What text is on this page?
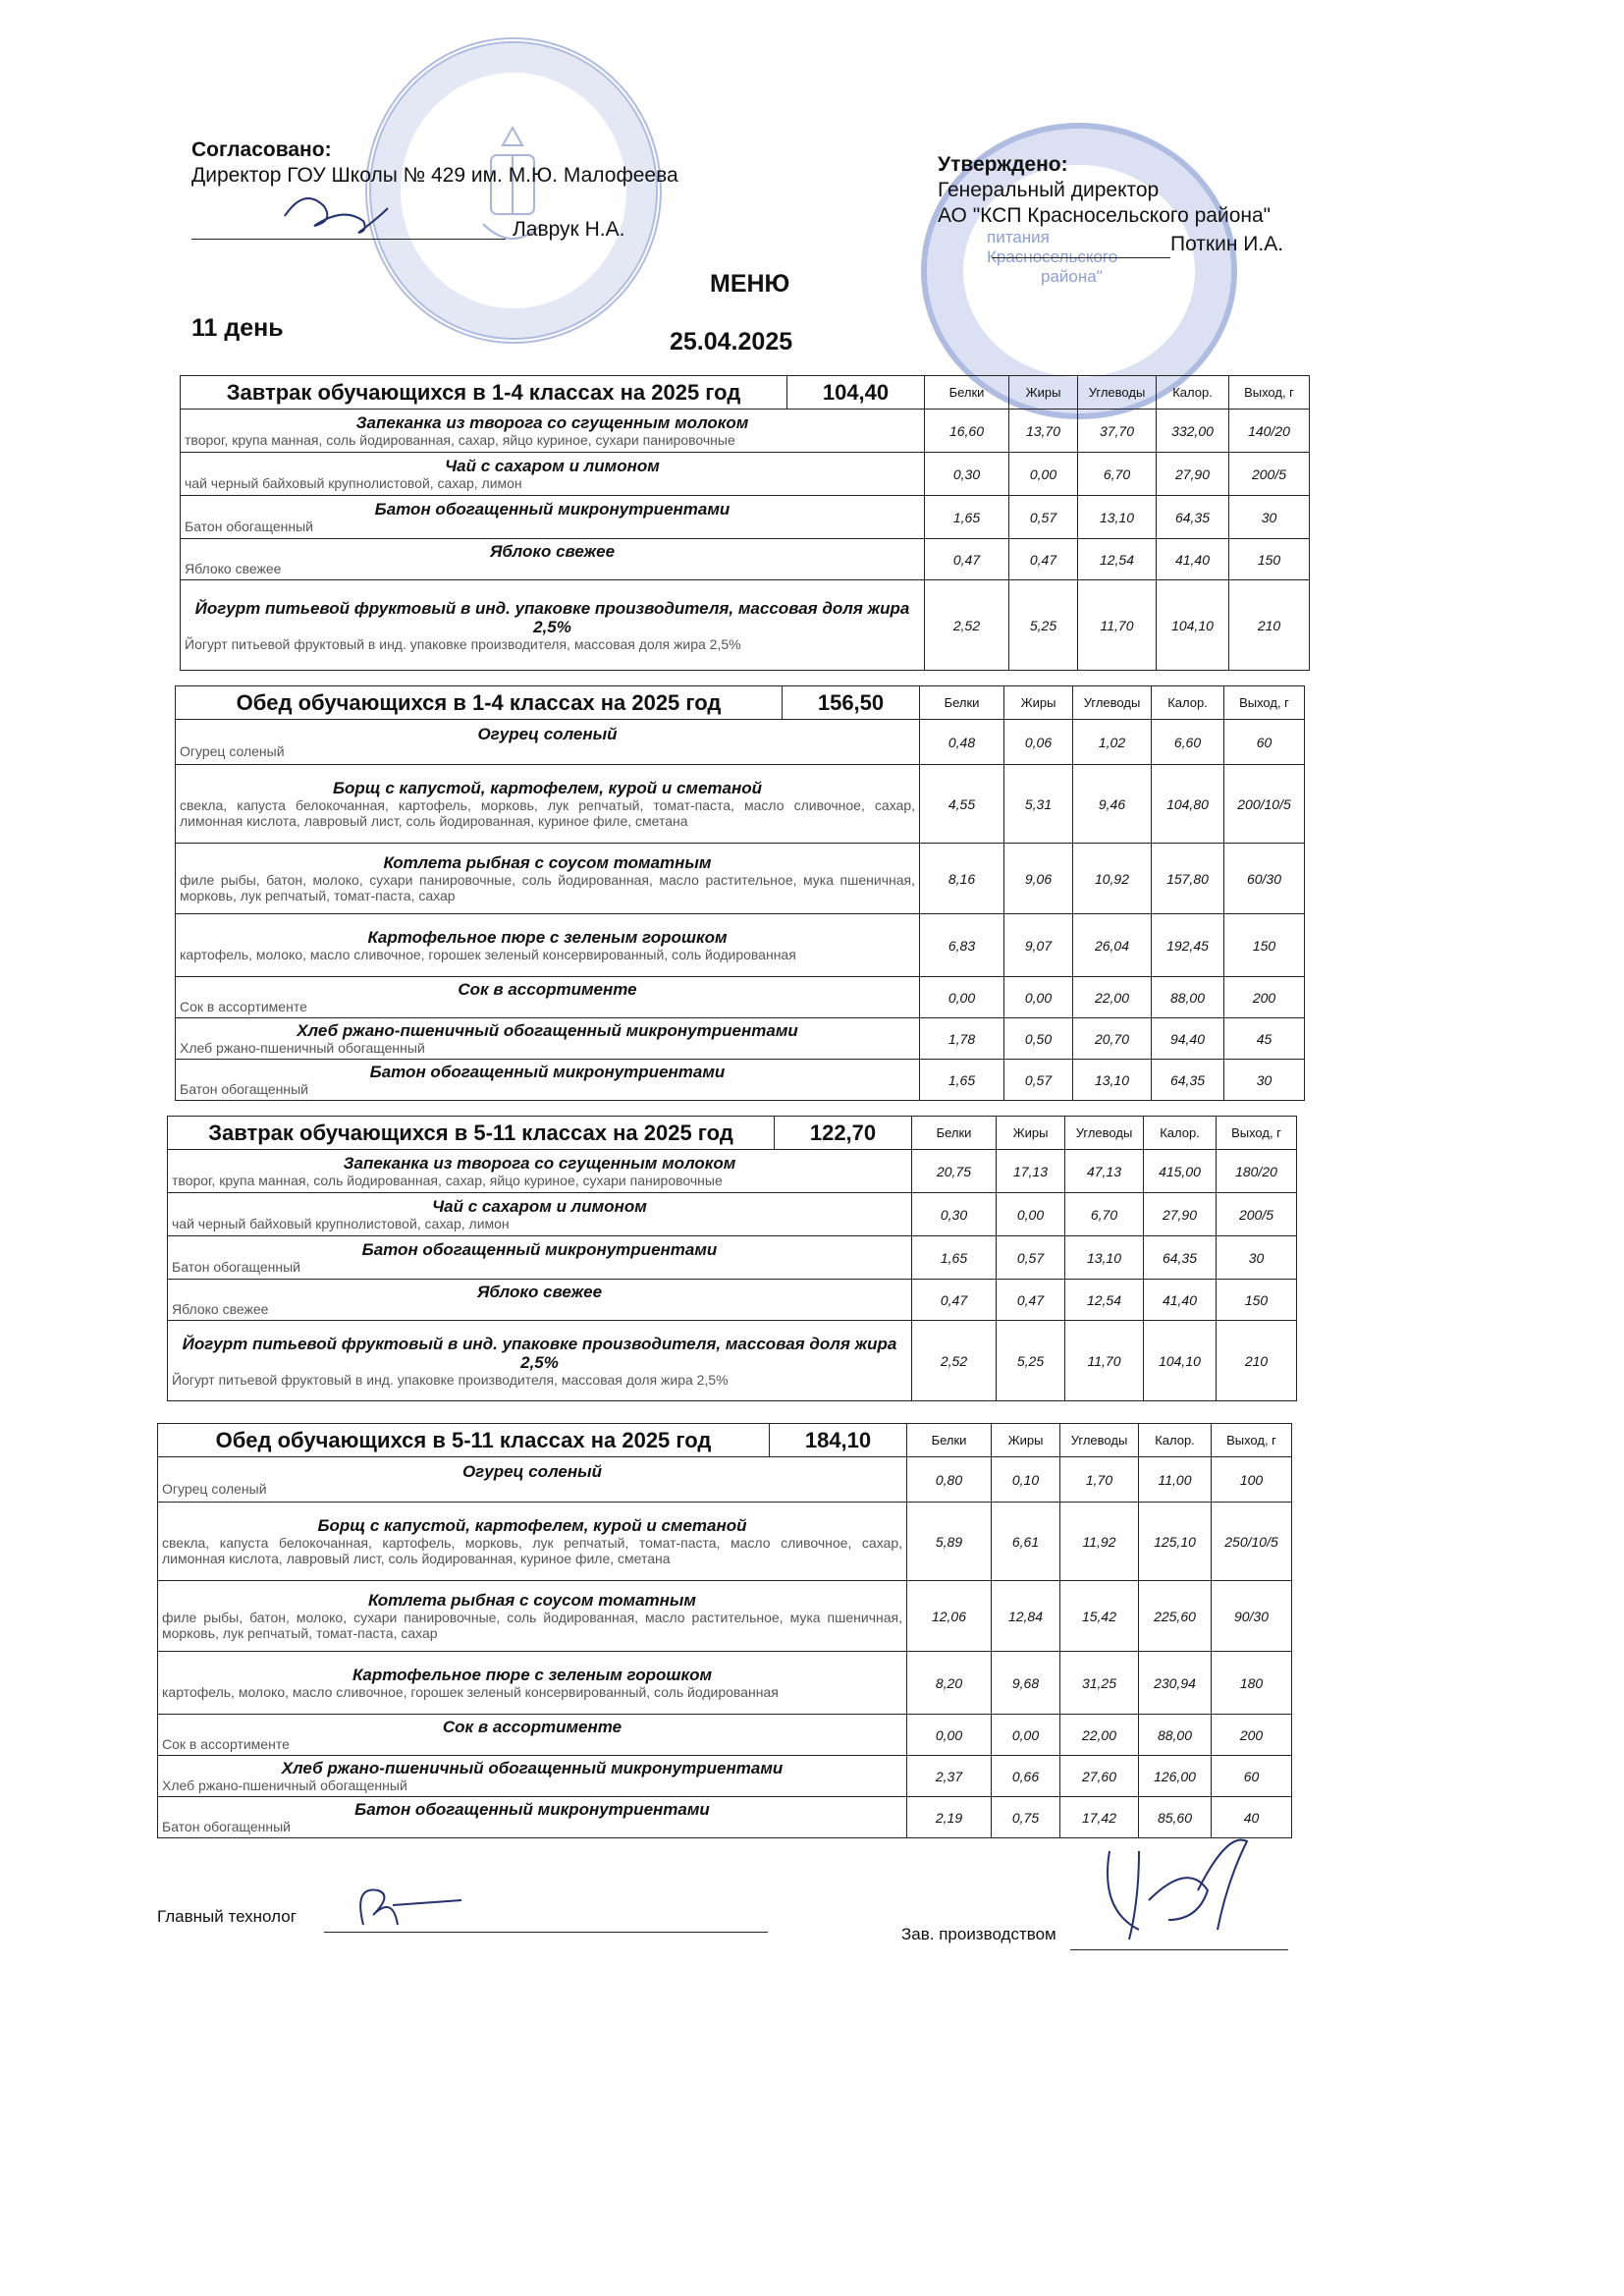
питания
Красносельского
района"
Согласовано:
Директор ГОУ Школы № 429 им. М.Ю. Малофеева
Лаврук Н.А.
Утверждено:
Генеральный директор
АО "КСП Красносельского района"
Поткин И.А.
МЕНЮ
11 день	25.04.2025
Завтрак обучающихся в 1-4 классах на 2025 год	104,40	Белки	Жиры	Углеводы	Калор.	Выход, г

Запеканка из творога со сгущенным молоком
творог, крупа манная, соль йодированная, сахар, яйцо куриное, сухари панировочные		16,60	13,70	37,70	332,00	140/20

Чай с сахаром и лимоном
чай черный байховый крупнолистовой, сахар, лимон		0,30	0,00	6,70	27,90	200/5

Батон обогащенный микронутриентами
Батон обогащенный		1,65	0,57	13,10	64,35	30

Яблоко свежее
Яблоко свежее		0,47	0,47	12,54	41,40	150

Йогурт питьевой фруктовый в инд. упаковке производителя, массовая доля жира 2,5%
Йогурт питьевой фруктовый в инд. упаковке производителя, массовая доля жира 2,5%		2,52	5,25	11,70	104,10	210
Обед обучающихся в 1-4 классах на 2025 год	156,50	Белки	Жиры	Углеводы	Калор.	Выход, г

Огурец соленый
Огурец соленый		0,48	0,06	1,02	6,60	60

Борщ с капустой, картофелем, курой и сметаной
свекла, капуста белокочанная, картофель, морковь, лук репчатый, томат-паста, масло сливочное, сахар, лимонная кислота, лавровый лист, соль йодированная, куриное филе, сметана		4,55	5,31	9,46	104,80	200/10/5

Котлета рыбная с соусом томатным
филе рыбы, батон, молоко, сухари панировочные, соль йодированная, масло растительное, мука пшеничная, морковь, лук репчатый, томат-паста, сахар		8,16	9,06	10,92	157,80	60/30

Картофельное пюре с зеленым горошком
картофель, молоко, масло сливочное, горошек зеленый консервированный, соль йодированная		6,83	9,07	26,04	192,45	150

Сок в ассортименте
Сок в ассортименте		0,00	0,00	22,00	88,00	200

Хлеб ржано-пшеничный обогащенный микронутриентами
Хлеб ржано-пшеничный обогащенный		1,78	0,50	20,70	94,40	45

Батон обогащенный микронутриентами
Батон обогащенный		1,65	0,57	13,10	64,35	30
Завтрак обучающихся в 5-11 классах на 2025 год	122,70	Белки	Жиры	Углеводы	Калор.	Выход, г

Запеканка из творога со сгущенным молоком
творог, крупа манная, соль йодированная, сахар, яйцо куриное, сухари панировочные		20,75	17,13	47,13	415,00	180/20

Чай с сахаром и лимоном
чай черный байховый крупнолистовой, сахар, лимон		0,30	0,00	6,70	27,90	200/5

Батон обогащенный микронутриентами
Батон обогащенный		1,65	0,57	13,10	64,35	30

Яблоко свежее
Яблоко свежее		0,47	0,47	12,54	41,40	150

Йогурт питьевой фруктовый в инд. упаковке производителя, массовая доля жира 2,5%
Йогурт питьевой фруктовый в инд. упаковке производителя, массовая доля жира 2,5%		2,52	5,25	11,70	104,10	210
Обед обучающихся в 5-11 классах на 2025 год	184,10	Белки	Жиры	Углеводы	Калор.	Выход, г

Огурец соленый
Огурец соленый		0,80	0,10	1,70	11,00	100

Борщ с капустой, картофелем, курой и сметаной
свекла, капуста белокочанная, картофель, морковь, лук репчатый, томат-паста, масло сливочное, сахар, лимонная кислота, лавровый лист, соль йодированная, куриное филе, сметана		5,89	6,61	11,92	125,10	250/10/5

Котлета рыбная с соусом томатным
филе рыбы, батон, молоко, сухари панировочные, соль йодированная, масло растительное, мука пшеничная, морковь, лук репчатый, томат-паста, сахар		12,06	12,84	15,42	225,60	90/30

Картофельное пюре с зеленым горошком
картофель, молоко, масло сливочное, горошек зеленый консервированный, соль йодированная		8,20	9,68	31,25	230,94	180

Сок в ассортименте
Сок в ассортименте		0,00	0,00	22,00	88,00	200

Хлеб ржано-пшеничный обогащенный микронутриентами
Хлеб ржано-пшеничный обогащенный		2,37	0,66	27,60	126,00	60

Батон обогащенный микронутриентами
Батон обогащенный		2,19	0,75	17,42	85,60	40
Главный технолог
Зав. производством
